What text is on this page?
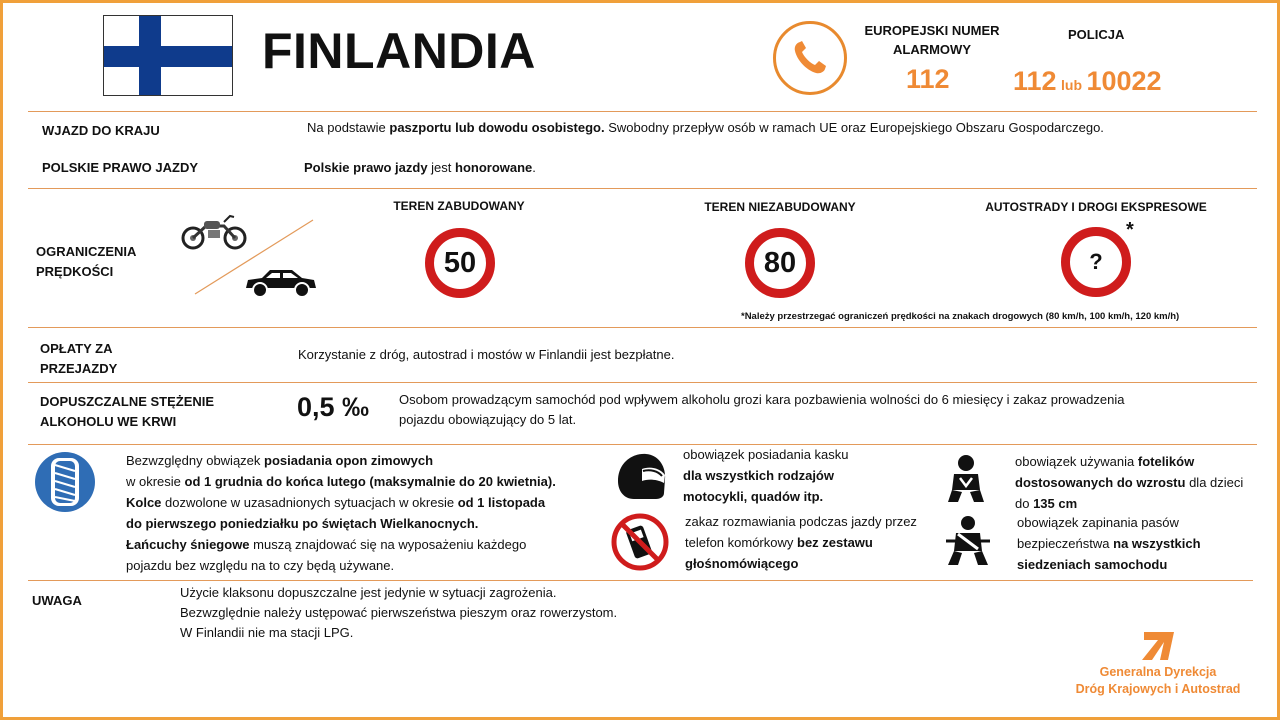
FINLANDIA	EUROPEJSKI NUMER
ALARMOWY
112
POLICJA
112 lub 10022
WJAZD DO KRAJU	Na podstawie paszportu lub dowodu osobistego. Swobodny przepływ osób w ramach UE oraz Europejskiego Obszaru Gospodarczego.
POLSKIE PRAWO JAZDY	Polskie prawo jazdy jest honorowane.
OGRANICZENIA
PRĘDKOŚCI
TEREN ZABUDOWANY
50
TEREN NIEZABUDOWANY
80
AUTOSTRADY I DROGI EKSPRESOWE
?
*
*Należy przestrzegać ograniczeń prędkości na znakach drogowych (80 km/h, 100 km/h, 120 km/h)
OPŁATY ZA
PRZEJAZDY
Korzystanie z dróg, autostrad i mostów w Finlandii jest bezpłatne.
DOPUSZCZALNE STĘŻENIE
ALKOHOLU WE KRWI	0,5 ‰ Osobom prowadzącym samochód pod wpływem alkoholu grozi kara pozbawienia wolności do 6 miesięcy i zakaz prowadzenia
pojazdu obowiązujący do 5 lat.
Bezwzględny obwiązek posiadania opon zimowych
w okresie od 1 grudnia do końca lutego (maksymalnie do 20 kwietnia).
Kolce dozwolone w uzasadnionych sytuacjach w okresie od 1 listopada
do pierwszego poniedziałku po świętach Wielkanocnych.
Łańcuchy śniegowe muszą znajdować się na wyposażeniu każdego
pojazdu bez względu na to czy będą używane.
obowiązek posiadania kasku
dla wszystkich rodzajów
motocykli, quadów itp.
zakaz rozmawiania podczas jazdy przez
telefon komórkowy bez zestawu
głośnomówiącego
obowiązek używania fotelików
dostosowanych do wzrostu dla dzieci
do 135 cm
obowiązek zapinania pasów
bezpieczeństwa na wszystkich
siedzeniach samochodu
UWAGA
Użycie klaksonu dopuszczalne jest jedynie w sytuacji zagrożenia.
Bezwzględnie należy ustępować pierwszeństwa pieszym oraz rowerzystom.
W Finlandii nie ma stacji LPG.
Generalna Dyrekcja
Dróg Krajowych i Autostrad
